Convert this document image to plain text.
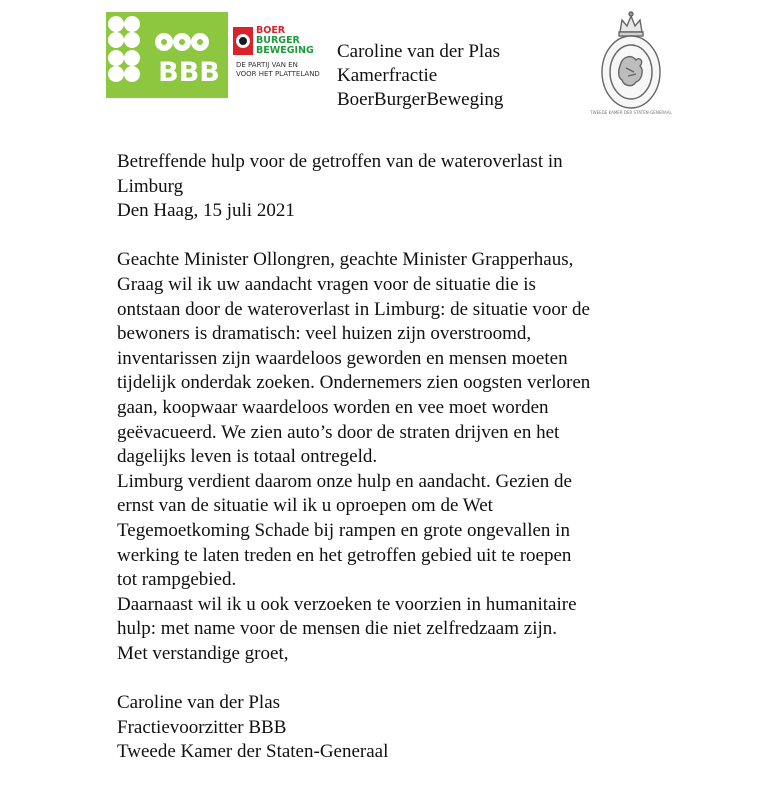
BBB
BOER
BURGER
BEWEGING
DE PARTIJ VAN EN
VOOR HET PLATTELAND
Caroline van der Plas
Kamerfractie
BoerBurgerBeweging
TWEEDE KAMER DER STATEN-GENERAAL
Betreffende hulp voor de getroffen van de wateroverlast in
Limburg
Den Haag, 15 juli 2021
Geachte Minister Ollongren, geachte Minister Grapperhaus,
Graag wil ik uw aandacht vragen voor de situatie die is
ontstaan door de wateroverlast in Limburg: de situatie voor de
bewoners is dramatisch: veel huizen zijn overstroomd,
inventarissen zijn waardeloos geworden en mensen moeten
tijdelijk onderdak zoeken. Ondernemers zien oogsten verloren
gaan, koopwaar waardeloos worden en vee moet worden
geëvacueerd. We zien auto’s door de straten drijven en het
dagelijks leven is totaal ontregeld.
Limburg verdient daarom onze hulp en aandacht. Gezien de
ernst van de situatie wil ik u oproepen om de Wet
Tegemoetkoming Schade bij rampen en grote ongevallen in
werking te laten treden en het getroffen gebied uit te roepen
tot rampgebied.
Daarnaast wil ik u ook verzoeken te voorzien in humanitaire
hulp: met name voor de mensen die niet zelfredzaam zijn.
Met verstandige groet,
Caroline van der Plas
Fractievoorzitter BBB
Tweede Kamer der Staten-Generaal
